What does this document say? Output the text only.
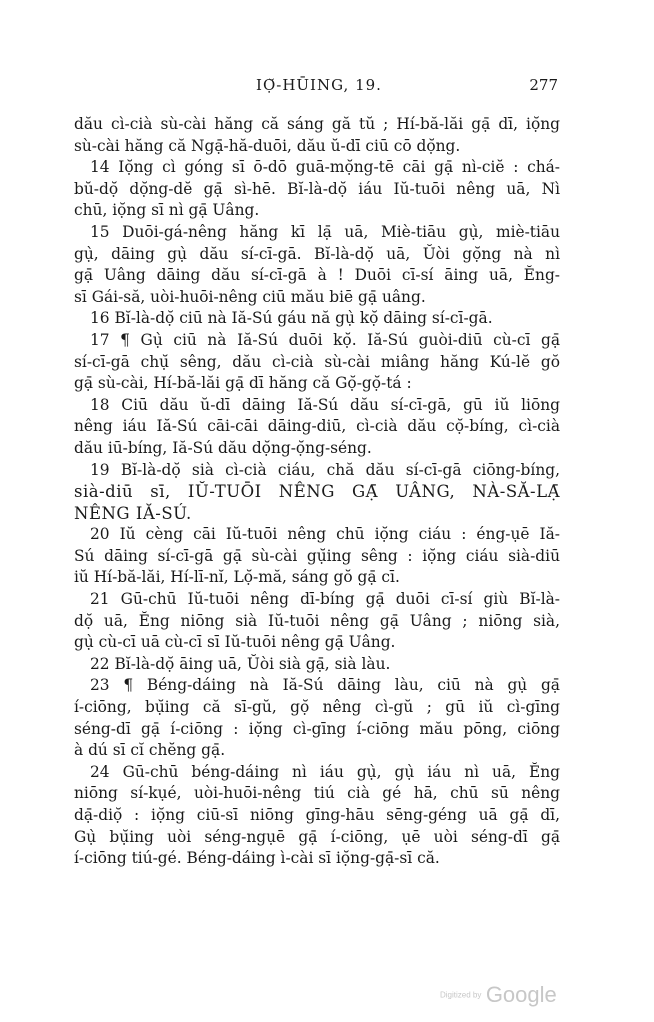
IỌ̆-HŪING, 19.	277
dău cì-cià sù-cài hăng că sáng gă tŭ ; Hí-bă-lăi gạ̄ dī, iọ̆ng
sù-cài hăng că Ngạ̄-hă-duōi, dău ŭ-dī ciū cō dọ̆ng.
14 Iọ̆ng cì góng sī ō-dō guā-mọ̆ng-tē cāi gạ̄ nì-ciĕ : chá-
bŭ-dọ̆ dọ̆ng-dĕ gạ̄ sì-hē. Bĭ-là-dọ̆ iáu Iŭ-tuōi nêng uā, Nì
chū, iọ̆ng sī nì gạ̄ Uâng.
15 Duōi-gá-nêng hăng kī lạ̄ uā, Miè-tiāu gụ̀, miè-tiāu
gụ̀, dāing gụ̀ dău sí-cī-gā. Bĭ-là-dọ̆ uā, Ŭòi gọ̆ng nà nì
gạ̄ Uâng dāing dău sí-cī-gā à ! Duōi cī-sí āing uā, Ĕng-
sī Gái-să, uòi-huōi-nêng ciū mău biē gạ̄ uâng.
16 Bĭ-là-dọ̆ ciū nà Iă-Sú gáu nă gụ̀ kọ̆ dāing sí-cī-gā.
17 ¶ Gụ̀ ciū nà Iă-Sú duōi kọ̆. Iă-Sú guòi-diū cù-cī gạ̄
sí-cī-gā chụ̆ sêng, dău cì-cià sù-cài miâng hăng Kú-lĕ gŏ
gạ̄ sù-cài, Hí-bă-lăi gạ̄ dī hăng că Gọ̆-gọ̆-tá :
18 Ciū dău ŭ-dī dāing Iă-Sú dău sí-cī-gā, gū iŭ liōng
nêng iáu Iă-Sú cāi-cāi dāing-diū, cì-cià dău cọ̆-bíng, cì-cià
dău iū-bíng, Iă-Sú dău dọ̆ng-ọ̆ng-séng.
19 Bĭ-là-dọ̆ sià cì-cià ciáu, chă dău sí-cī-gā ciōng-bíng,
sià-diū sī, IŬ-TUŌI NÊNG GẠ̄ UÂNG, NÀ-SĂ-LẠ̄
NÊNG IĂ-SÚ.
20 Iŭ cèng cāi Iŭ-tuōi nêng chū iọ̆ng ciáu : éng-ụē Iă-
Sú dāing sí-cī-gā gạ̄ sù-cài gụ̆ing sêng : iọ̆ng ciáu sià-diū
iŭ Hí-bă-lăi, Hí-lī-nĭ, Lọ̆-mă, sáng gŏ gạ̄ cī.
21 Gū-chū Iŭ-tuōi nêng dī-bíng gạ̄ duōi cī-sí giù Bĭ-là-
dọ̆ uā, Ĕng niōng sià Iŭ-tuōi nêng gạ̄ Uâng ; niōng sià,
gụ̀ cù-cī uā cù-cī sī Iŭ-tuōi nêng gạ̄ Uâng.
22 Bĭ-là-dọ̆ āing uā, Ŭòi sià gạ̄, sià làu.
23 ¶ Béng-dáing nà Iă-Sú dāing làu, ciū nà gụ̀ gạ̄
í-ciōng, bụ̆ing că sī-gŭ, gọ̆ nêng cì-gŭ ; gū iŭ cì-gīng
séng-dī gạ̄ í-ciōng : iọ̆ng cì-gīng í-ciōng mău pōng, ciōng
à dú sī cĭ chĕng gạ̄.
24 Gū-chū béng-dáing nì iáu gụ̀, gụ̀ iáu nì uā, Ĕng
niōng sí-kụé, uòi-huōi-nêng tiú cià gé hā, chū sū nêng
dạ̄-diọ̆ : iọ̆ng ciū-sī niōng gīng-hāu sēng-géng uā gạ̄ dī,
Gụ̀ bụ̆ing uòi séng-ngụē gạ̄ í-ciōng, ụē uòi séng-dī gạ̄
í-ciōng tiú-gé. Béng-dáing ì-cài sī iọ̆ng-gạ̄-sī că.
Digitized by Google
